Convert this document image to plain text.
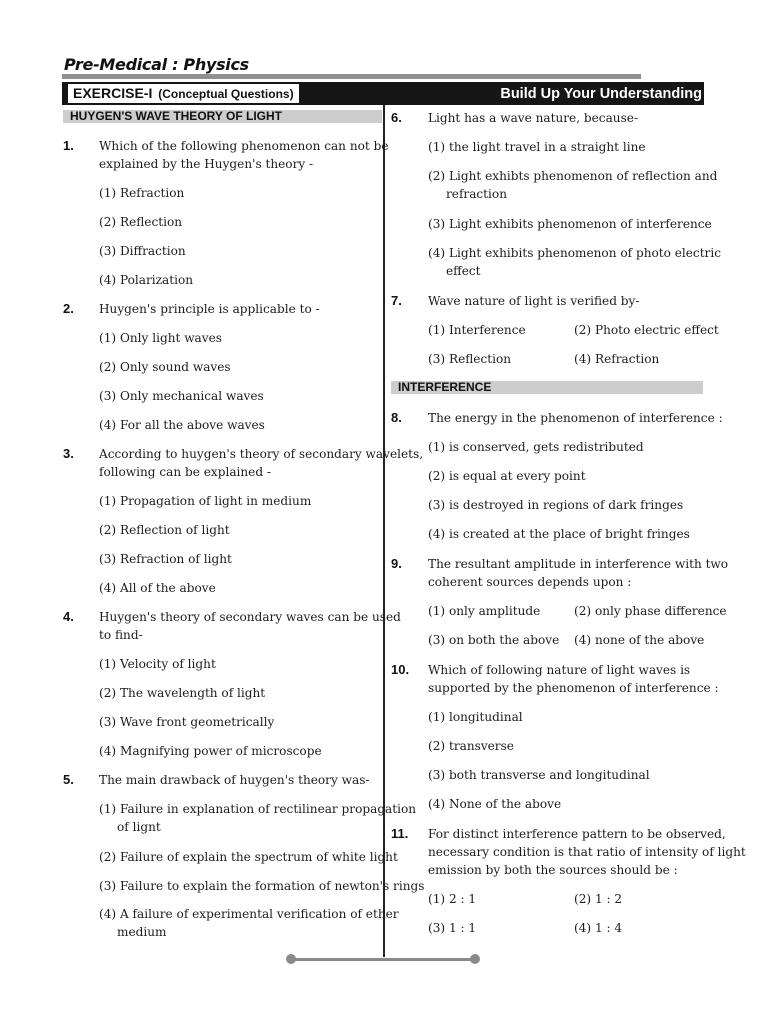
Pre-Medical : Physics
EXERCISE-I (Conceptual Questions)	Build Up Your Understanding
HUYGEN'S WAVE THEORY OF LIGHT
INTERFERENCE
1. Which of the following phenomenon can not be
explained by the Huygen's theory -
(1) Refraction
(2) Reflection
(3) Diffraction
(4) Polarization
2. Huygen's principle is applicable to -
(1) Only light waves
(2) Only sound waves
(3) Only mechanical waves
(4) For all the above waves
3. According to huygen's theory of secondary wavelets,
following can be explained -
(1) Propagation of light in medium
(2) Reflection of light
(3) Refraction of light
(4) All of the above
4. Huygen's theory of secondary waves can be used
to find-
(1) Velocity of light
(2) The wavelength of light
(3) Wave front geometrically
(4) Magnifying power of microscope
5. The main drawback of huygen's theory was-
(1) Failure in explanation of rectilinear propagation
of lignt
(2) Failure of explain the spectrum of white light
(3) Failure to explain the formation of newton's rings
(4) A failure of experimental verification of ether
medium
6. Light has a wave nature, because-
(1) the light travel in a straight line
(2) Light exhibts phenomenon of reflection and
refraction
(3) Light exhibits phenomenon of interference
(4) Light exhibits phenomenon of photo electric
effect
7. Wave nature of light is verified by-
(1) Interference	(2) Photo electric effect
(3) Reflection	(4) Refraction
8. The energy in the phenomenon of interference :
(1) is conserved, gets redistributed
(2) is equal at every point
(3) is destroyed in regions of dark fringes
(4) is created at the place of bright fringes
9. The resultant amplitude in interference with two
coherent sources depends upon :
(1) only amplitude	(2) only phase difference
(3) on both the above (4) none of the above
10. Which of following nature of light waves is
supported by the phenomenon of interference :
(1) longitudinal
(2) transverse
(3) both transverse and longitudinal
(4) None of the above
11. For distinct interference pattern to be observed,
necessary condition is that ratio of intensity of light
emission by both the sources should be :
(1) 2 : 1	(2) 1 : 2
(3) 1 : 1	(4) 1 : 4
